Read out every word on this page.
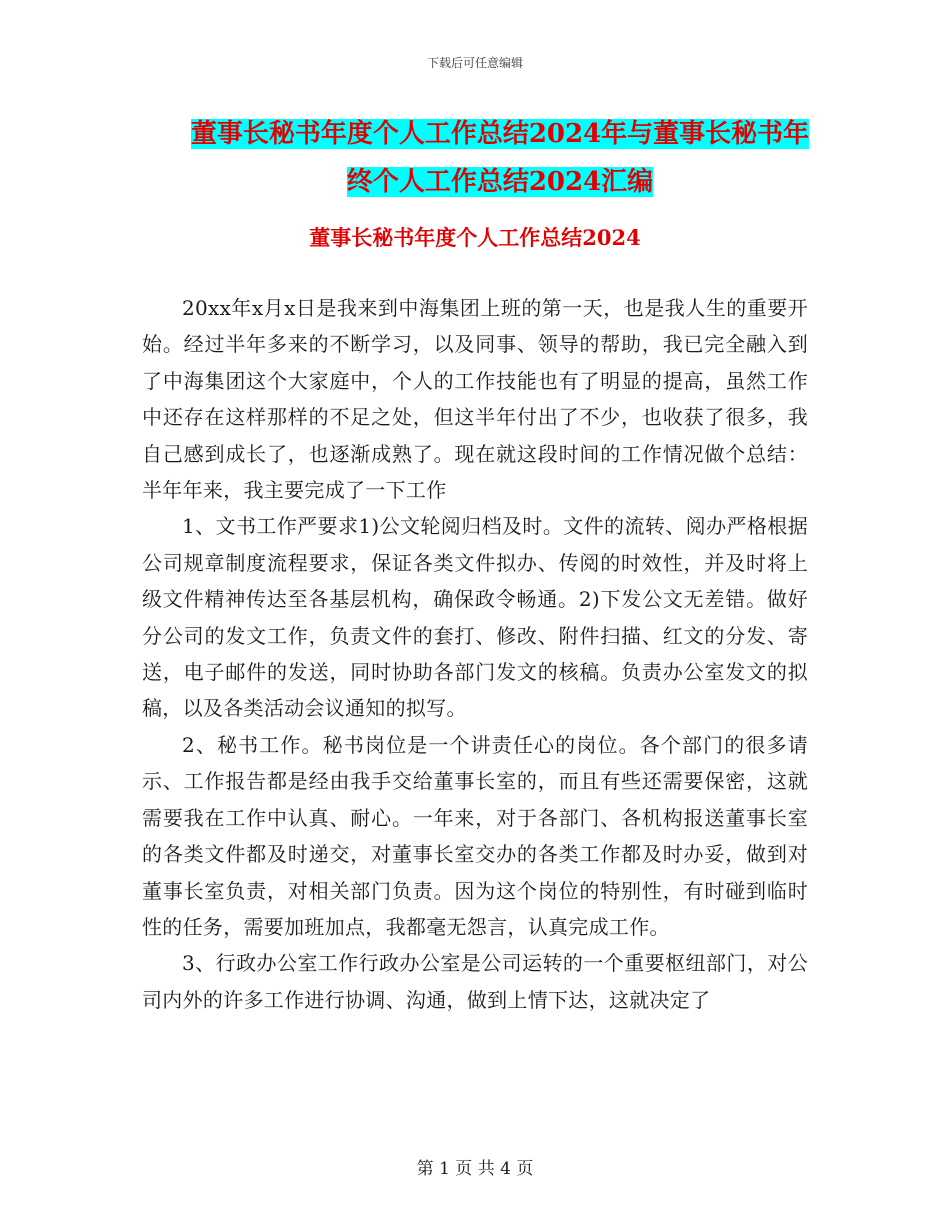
下载后可任意编辑
董事长秘书年度个人工作总结2024年与董事长秘书年
终个人工作总结2024汇编
董事长秘书年度个人工作总结2024

20xx年x月x日是我来到中海集团上班的第一天，也是我人生的重要开始。经过半年多来的不断学习，以及同事、领导的帮助，我已完全融入到了中海集团这个大家庭中，个人的工作技能也有了明显的提高，虽然工作中还存在这样那样的不足之处，但这半年付出了不少，也收获了很多，我自己感到成长了，也逐渐成熟了。现在就这段时间的工作情况做个总结：半年年来，我主要完成了一下工作

1、文书工作严要求1)公文轮阅归档及时。文件的流转、阅办严格根据公司规章制度流程要求，保证各类文件拟办、传阅的时效性，并及时将上级文件精神传达至各基层机构，确保政令畅通。2)下发公文无差错。做好分公司的发文工作，负责文件的套打、修改、附件扫描、红文的分发、寄送，电子邮件的发送，同时协助各部门发文的核稿。负责办公室发文的拟稿，以及各类活动会议通知的拟写。

2、秘书工作。秘书岗位是一个讲责任心的岗位。各个部门的很多请示、工作报告都是经由我手交给董事长室的，而且有些还需要保密，这就需要我在工作中认真、耐心。一年来，对于各部门、各机构报送董事长室的各类文件都及时递交，对董事长室交办的各类工作都及时办妥，做到对董事长室负责，对相关部门负责。因为这个岗位的特别性，有时碰到临时性的任务，需要加班加点，我都毫无怨言，认真完成工作。

3、行政办公室工作行政办公室是公司运转的一个重要枢纽部门，对公司内外的许多工作进行协调、沟通，做到上情下达，这就决定了

第 1 页 共 4 页
